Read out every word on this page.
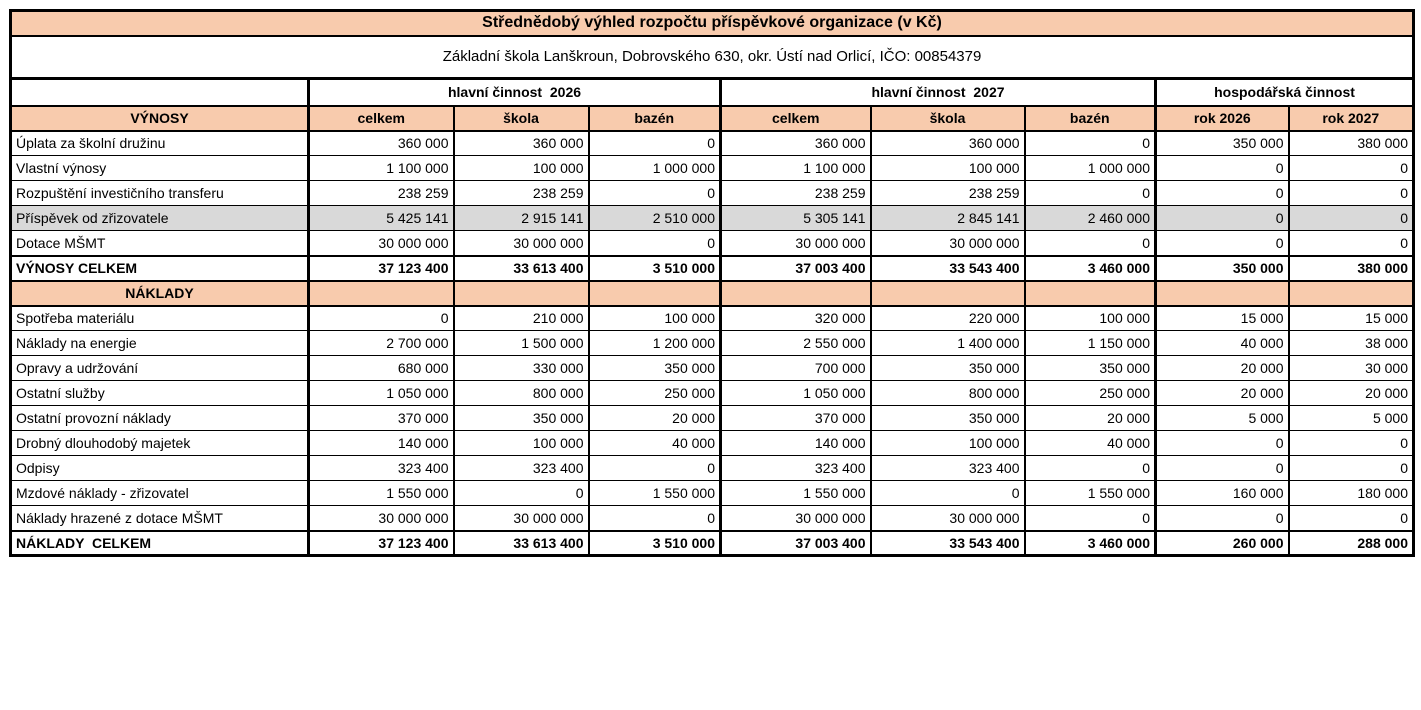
Střednědobý výhled rozpočtu příspěvkové organizace (v Kč)								
Základní škola Lanškroun, Dobrovského 630, okr. Ústí nad Orlicí, IČO: 00854379								
	hlavní činnost  2026			hlavní činnost  2027			hospodářská činnost	
VÝNOSY	celkem	škola	bazén	celkem	škola	bazén	rok 2026	rok 2027
Úplata za školní družinu	360 000	360 000	0	360 000	360 000	0	350 000	380 000
Vlastní výnosy	1 100 000	100 000	1 000 000	1 100 000	100 000	1 000 000	0	0
Rozpuštění investičního transferu	238 259	238 259	0	238 259	238 259	0	0	0
Příspěvek od zřizovatele	5 425 141	2 915 141	2 510 000	5 305 141	2 845 141	2 460 000	0	0
Dotace MŠMT	30 000 000	30 000 000	0	30 000 000	30 000 000	0	0	0
VÝNOSY CELKEM	37 123 400	33 613 400	3 510 000	37 003 400	33 543 400	3 460 000	350 000	380 000
NÁKLADY								
Spotřeba materiálu	0	210 000	100 000	320 000	220 000	100 000	15 000	15 000
Náklady na energie	2 700 000	1 500 000	1 200 000	2 550 000	1 400 000	1 150 000	40 000	38 000
Opravy a udržování	680 000	330 000	350 000	700 000	350 000	350 000	20 000	30 000
Ostatní služby	1 050 000	800 000	250 000	1 050 000	800 000	250 000	20 000	20 000
Ostatní provozní náklady	370 000	350 000	20 000	370 000	350 000	20 000	5 000	5 000
Drobný dlouhodobý majetek	140 000	100 000	40 000	140 000	100 000	40 000	0	0
Odpisy	323 400	323 400	0	323 400	323 400	0	0	0
Mzdové náklady - zřizovatel	1 550 000	0	1 550 000	1 550 000	0	1 550 000	160 000	180 000
Náklady hrazené z dotace MŠMT	30 000 000	30 000 000	0	30 000 000	30 000 000	0	0	0
NÁKLADY  CELKEM	37 123 400	33 613 400	3 510 000	37 003 400	33 543 400	3 460 000	260 000	288 000
